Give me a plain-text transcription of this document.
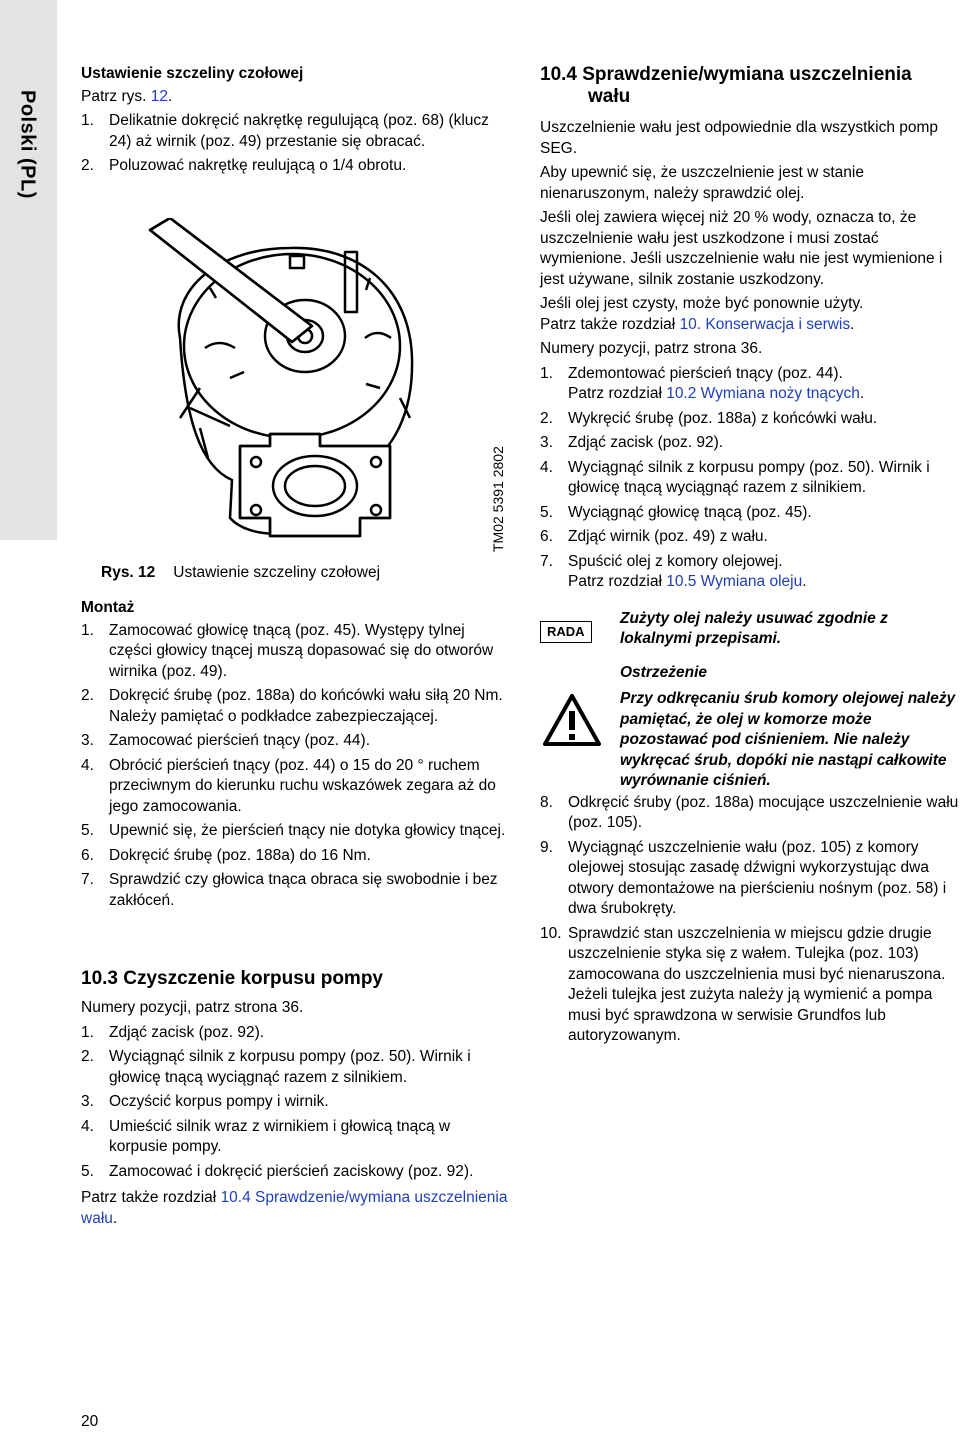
Polski (PL)
Ustawienie szczeliny czołowej

Patrz rys. 12.

1. Delikatnie dokręcić nakrętkę regulującą (poz. 68) (klucz 24) aż wirnik (poz. 49) przestanie się obracać.
2. Poluzować nakrętkę reulującą o 1/4 obrotu.
TM02 5391 2802
Rys. 12 Ustawienie szczeliny czołowej
Montaż
1. Zamocować głowicę tnącą (poz. 45). Występy tylnej części głowicy tnącej muszą dopasować się do otworów wirnika (poz. 49).
2. Dokręcić śrubę (poz. 188a) do końcówki wału siłą 20 Nm. Należy pamiętać o podkładce zabezpieczającej.
3. Zamocować pierścień tnący (poz. 44).
4. Obrócić pierścień tnący (poz. 44) o 15 do 20 ° ruchem przeciwnym do kierunku ruchu wskazówek zegara aż do jego zamocowania.
5. Upewnić się, że pierścień tnący nie dotyka głowicy tnącej.
6. Dokręcić śrubę (poz. 188a) do 16 Nm.
7. Sprawdzić czy głowica tnąca obraca się swobodnie i bez zakłóceń.
10.3 Czyszczenie korpusu pompy

Numery pozycji, patrz strona 36.

1. Zdjąć zacisk (poz. 92).
2. Wyciągnąć silnik z korpusu pompy (poz. 50). Wirnik i głowicę tnącą wyciągnąć razem z silnikiem.
3. Oczyścić korpus pompy i wirnik.
4. Umieścić silnik wraz z wirnikiem i głowicą tnącą w korpusie pompy.
5. Zamocować i dokręcić pierścień zaciskowy (poz. 92).

Patrz także rozdział 10.4 Sprawdzenie/wymiana uszczelnienia wału.

20
10.4 Sprawdzenie/wymiana uszczelnienia
wału

Uszczelnienie wału jest odpowiednie dla wszystkich pomp SEG.

Aby upewnić się, że uszczelnienie jest w stanie nienaruszonym, należy sprawdzić olej.

Jeśli olej zawiera więcej niż 20 % wody, oznacza to, że uszczelnienie wału jest uszkodzone i musi zostać wymienione. Jeśli uszczelnienie wału nie jest wymienione i jest używane, silnik zostanie uszkodzony.

Jeśli olej jest czysty, może być ponownie użyty.
Patrz także rozdział 10. Konserwacja i serwis.

Numery pozycji, patrz strona 36.

1. Zdemontować pierścień tnący (poz. 44).
Patrz rozdział 10.2 Wymiana noży tnących.
2. Wykręcić śrubę (poz. 188a) z końcówki wału.
3. Zdjąć zacisk (poz. 92).
4. Wyciągnąć silnik z korpusu pompy (poz. 50). Wirnik i głowicę tnącą wyciągnąć razem z silnikiem.
5. Wyciągnąć głowicę tnącą (poz. 45).
6. Zdjąć wirnik (poz. 49) z wału.
7. Spuścić olej z komory olejowej.
Patrz rozdział 10.5 Wymiana oleju.
RADA
Zużyty olej należy usuwać zgodnie z lokalnymi przepisami.
Ostrzeżenie
Przy odkręcaniu śrub komory olejowej należy pamiętać, że olej w komorze może pozostawać pod ciśnieniem. Nie należy wykręcać śrub, dopóki nie nastąpi całkowite wyrównanie ciśnień.
8. Odkręcić śruby (poz. 188a) mocujące uszczelnienie wału (poz. 105).
9. Wyciągnąć uszczelnienie wału (poz. 105) z komory olejowej stosując zasadę dźwigni wykorzystując dwa otwory demontażowe na pierścieniu nośnym (poz. 58) i dwa śrubokręty.
10. Sprawdzić stan uszczelnienia w miejscu gdzie drugie uszczelnienie styka się z wałem. Tulejka (poz. 103) zamocowana do uszczelnienia musi być nienaruszona. Jeżeli tulejka jest zużyta należy ją wymienić a pompa musi być sprawdzona w serwisie Grundfos lub autoryzowanym.
